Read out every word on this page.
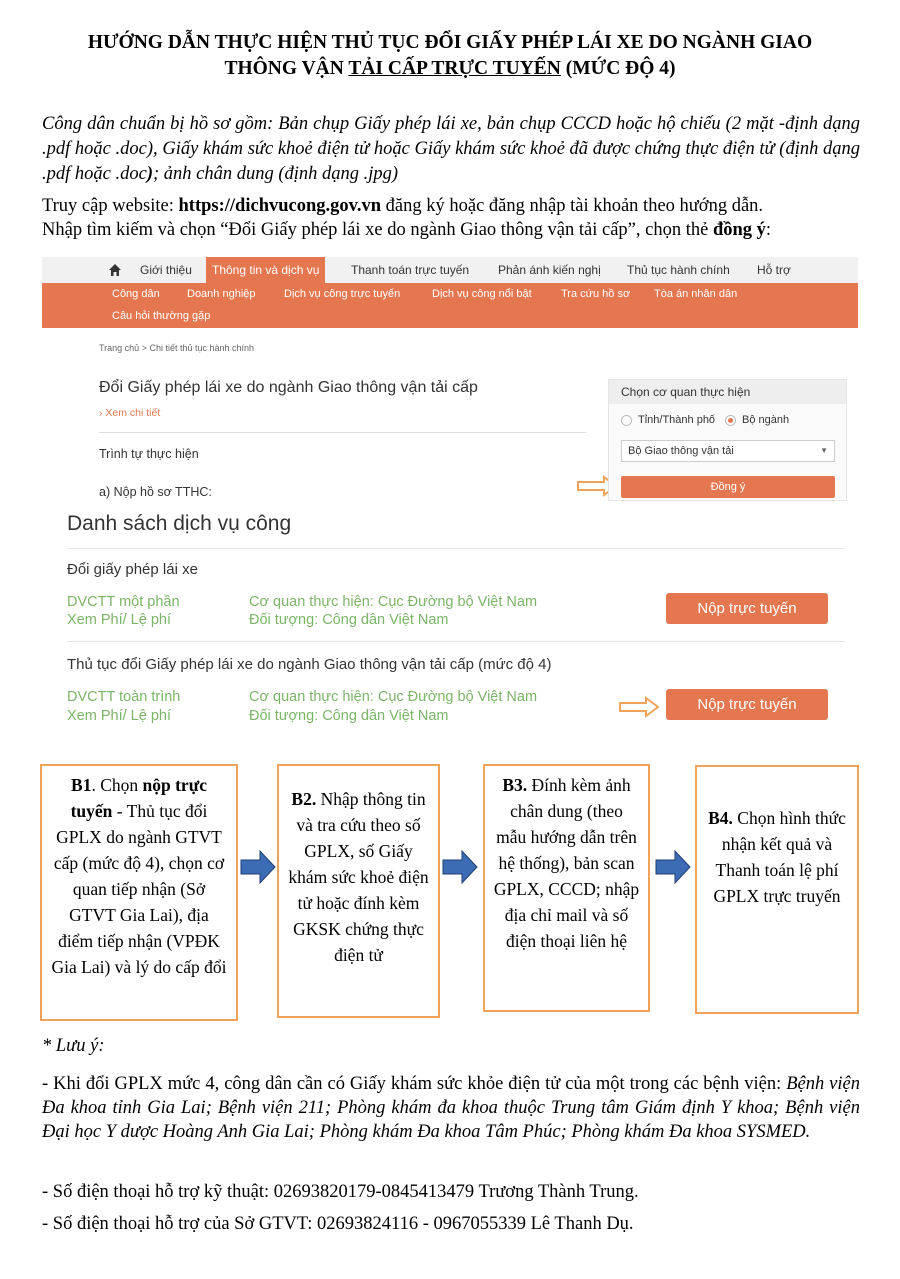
HƯỚNG DẪN THỰC HIỆN THỦ TỤC ĐỔI GIẤY PHÉP LÁI XE DO NGÀNH GIAO
THÔNG VẬN TẢI CẤP TRỰC TUYẾN (MỨC ĐỘ 4)
Công dân chuẩn bị hồ sơ gồm: Bản chụp Giấy phép lái xe, bản chụp CCCD hoặc hộ chiếu (2 mặt -định dạng .pdf hoặc .doc), Giấy khám sức khoẻ điện tử hoặc Giấy khám sức khoẻ đã được chứng thực điện tử (định dạng .pdf hoặc .doc); ảnh chân dung (định dạng .jpg)
Truy cập website: https://dichvucong.gov.vn đăng ký hoặc đăng nhập tài khoản theo hướng dẫn.
Nhập tìm kiếm và chọn “Đổi Giấy phép lái xe do ngành Giao thông vận tải cấp”, chọn thẻ đồng ý:
Giới thiệu	Thông tin và dịch vụ	Thanh toán trực tuyến Phản ánh kiến nghị Thủ tục hành chính Hỗ trợ
Công dân Doanh nghiệp	Dịch vụ công trực tuyến	Dịch vụ công nổi bật	Tra cứu hồ sơ Tòa án nhân dân
Câu hỏi thường gặp
Trang chủ > Chi tiết thủ tục hành chính
Đổi Giấy phép lái xe do ngành Giao thông vận tải cấp
› Xem chi tiết
Trình tự thực hiện
a) Nộp hồ sơ TTHC:
Chọn cơ quan thực hiện
Tỉnh/Thành phố Bộ ngành
Bộ Giao thông vận tải	▼
Đồng ý
Danh sách dịch vụ công
Đổi giấy phép lái xe
DVCTT một phần
Xem Phí/ Lệ phí
Cơ quan thực hiện: Cục Đường bộ Việt Nam
Đối tượng: Công dân Việt Nam
Nộp trực tuyến
Thủ tục đổi Giấy phép lái xe do ngành Giao thông vận tải cấp (mức độ 4)
DVCTT toàn trình
Xem Phí/ Lệ phí
Cơ quan thực hiện: Cục Đường bộ Việt Nam
Đối tượng: Công dân Việt Nam
Nộp trực tuyến
B1. Chọn nộp trực tuyến - Thủ tục đổi GPLX do ngành GTVT cấp (mức độ 4), chọn cơ quan tiếp nhận (Sở GTVT Gia Lai), địa điểm tiếp nhận (VPĐK Gia Lai) và lý do cấp đổi
B2. Nhập thông tin và tra cứu theo số GPLX, số Giấy khám sức khoẻ điện tử hoặc đính kèm GKSK chứng thực điện tử
B3. Đính kèm ảnh chân dung (theo mẫu hướng dẫn trên hệ thống), bản scan GPLX, CCCD; nhập địa chỉ mail và số điện thoại liên hệ
B4. Chọn hình thức nhận kết quả và Thanh toán lệ phí GPLX trực truyến
* Lưu ý:
- Khi đổi GPLX mức 4, công dân cần có Giấy khám sức khỏe điện tử của một trong các bệnh viện: Bệnh viện Đa khoa tỉnh Gia Lai; Bệnh viện 211; Phòng khám đa khoa thuộc Trung tâm Giám định Y khoa; Bệnh viện Đại học Y dược Hoàng Anh Gia Lai; Phòng khám Đa khoa Tâm Phúc; Phòng khám Đa khoa SYSMED.
- Số điện thoại hỗ trợ kỹ thuật: 02693820179-0845413479 Trương Thành Trung.
- Số điện thoại hỗ trợ của Sở GTVT: 02693824116 - 0967055339 Lê Thanh Dụ.
